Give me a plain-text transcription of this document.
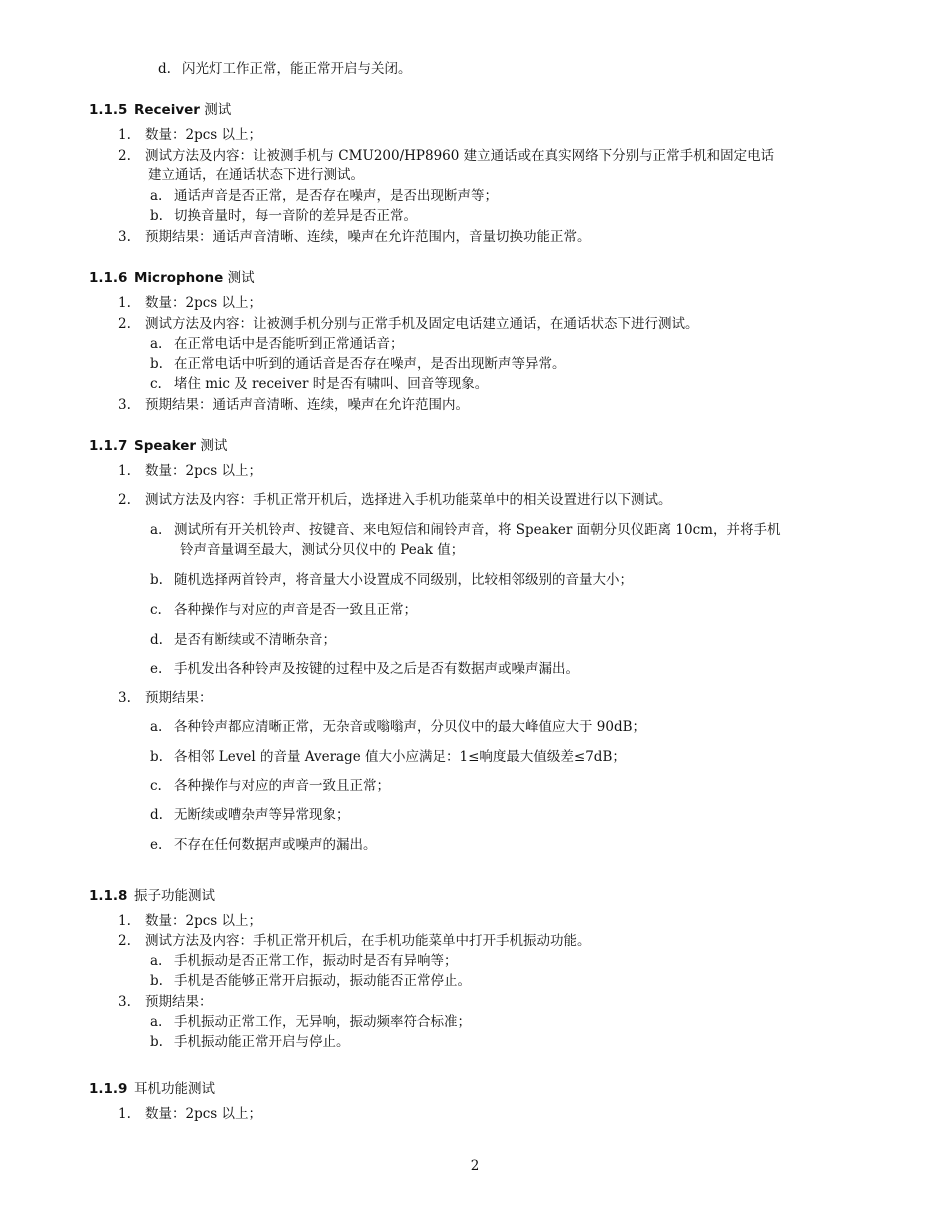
d. 闪光灯工作正常，能正常开启与关闭。
1.1.5 Receiver 测试
1. 数量：2pcs 以上；
2. 测试方法及内容：让被测手机与 CMU200/HP8960 建立通话或在真实网络下分别与正常手机和固定电话
建立通话，在通话状态下进行测试。
a. 通话声音是否正常，是否存在噪声，是否出现断声等；
b. 切换音量时，每一音阶的差异是否正常。
3. 预期结果：通话声音清晰、连续，噪声在允许范围内，音量切换功能正常。
1.1.6 Microphone 测试
1. 数量：2pcs 以上；
2. 测试方法及内容：让被测手机分别与正常手机及固定电话建立通话，在通话状态下进行测试。
a. 在正常电话中是否能听到正常通话音；
b. 在正常电话中听到的通话音是否存在噪声，是否出现断声等异常。
c. 堵住 mic 及 receiver 时是否有啸叫、回音等现象。
3. 预期结果：通话声音清晰、连续，噪声在允许范围内。
1.1.7 Speaker 测试
1. 数量：2pcs 以上；
2. 测试方法及内容：手机正常开机后，选择进入手机功能菜单中的相关设置进行以下测试。
a. 测试所有开关机铃声、按键音、来电短信和闹铃声音，将 Speaker 面朝分贝仪距离 10cm，并将手机
铃声音量调至最大，测试分贝仪中的 Peak 值；
b. 随机选择两首铃声，将音量大小设置成不同级别，比较相邻级别的音量大小；
c. 各种操作与对应的声音是否一致且正常；
d. 是否有断续或不清晰杂音；
e. 手机发出各种铃声及按键的过程中及之后是否有数据声或噪声漏出。
3. 预期结果：
a. 各种铃声都应清晰正常，无杂音或嗡嗡声，分贝仪中的最大峰值应大于 90dB；
b. 各相邻 Level 的音量 Average 值大小应满足：1≤响度最大值级差≤7dB；
c. 各种操作与对应的声音一致且正常；
d. 无断续或嘈杂声等异常现象；
e. 不存在任何数据声或噪声的漏出。
1.1.8 振子功能测试
1. 数量：2pcs 以上；
2. 测试方法及内容：手机正常开机后，在手机功能菜单中打开手机振动功能。
a. 手机振动是否正常工作，振动时是否有异响等；
b. 手机是否能够正常开启振动，振动能否正常停止。
3. 预期结果：
a. 手机振动正常工作，无异响，振动频率符合标准；
b. 手机振动能正常开启与停止。
1.1.9 耳机功能测试
1. 数量：2pcs 以上；
2
